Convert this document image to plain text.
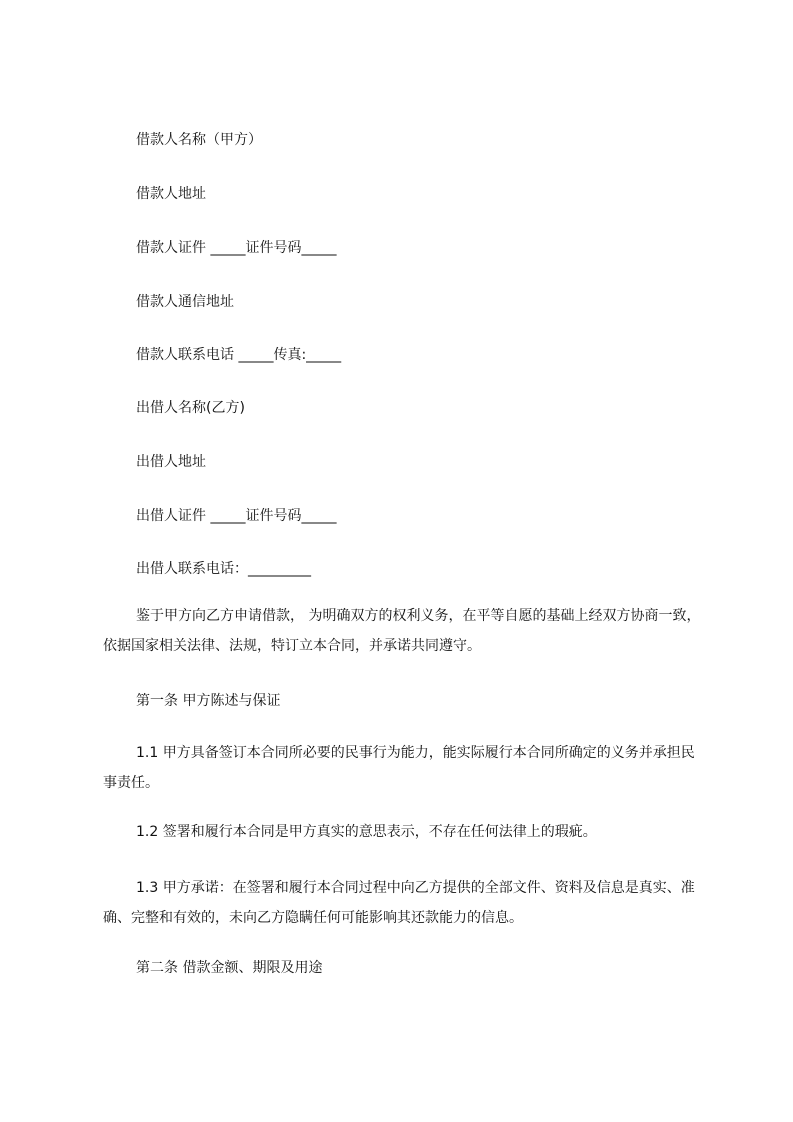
借款人名称（甲方）
借款人地址
借款人证件 _____证件号码_____
借款人通信地址
借款人联系电话 _____传真:_____
出借人名称(乙方)
出借人地址
出借人证件 _____证件号码_____
出借人联系电话：_________
鉴于甲方向乙方申请借款， 为明确双方的权利义务，在平等自愿的基础上经双方协商一致，依据国家相关法律、法规，特订立本合同，并承诺共同遵守。
第一条 甲方陈述与保证
1.1 甲方具备签订本合同所必要的民事行为能力，能实际履行本合同所确定的义务并承担民事责任。
1.2 签署和履行本合同是甲方真实的意思表示，不存在任何法律上的瑕疵。
1.3 甲方承诺：在签署和履行本合同过程中向乙方提供的全部文件、资料及信息是真实、准确、完整和有效的，未向乙方隐瞒任何可能影响其还款能力的信息。
第二条 借款金额、期限及用途
